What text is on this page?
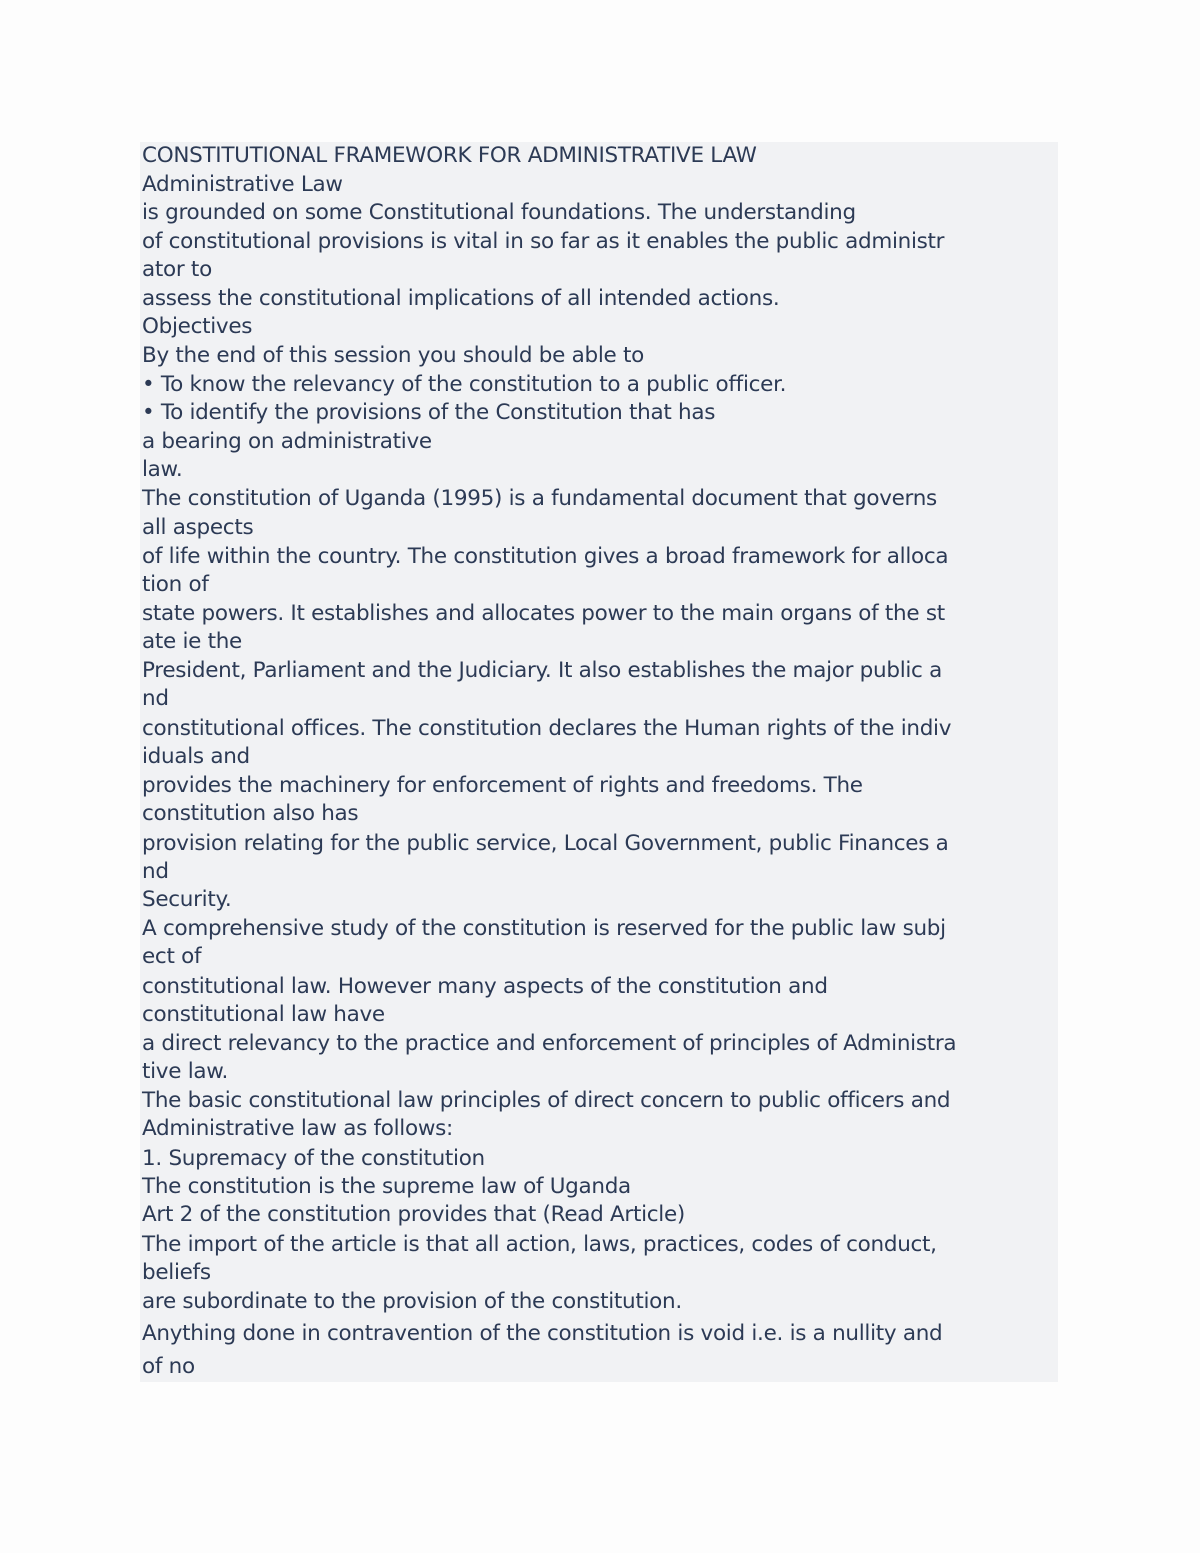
CONSTITUTIONAL FRAMEWORK FOR ADMINISTRATIVE LAW
Administrative Law
is grounded on some Constitutional foundations. The understanding
of constitutional provisions is vital in so far as it enables the public administr
ator to
assess the constitutional implications of all intended actions.
Objectives
By the end of this session you should be able to
• To know the relevancy of the constitution to a public officer.
• To identify the provisions of the Constitution that has
a bearing on administrative
law.
The constitution of Uganda (1995) is a fundamental document that governs
all aspects
of life within the country. The constitution gives a broad framework for alloca
tion of
state powers. It establishes and allocates power to the main organs of the st
ate ie the
President, Parliament and the Judiciary. It also establishes the major public a
nd
constitutional offices. The constitution declares the Human rights of the indiv
iduals and
provides the machinery for enforcement of rights and freedoms. The
constitution also has
provision relating for the public service, Local Government, public Finances a
nd
Security.
A comprehensive study of the constitution is reserved for the public law subj
ect of
constitutional law. However many aspects of the constitution and
constitutional law have
a direct relevancy to the practice and enforcement of principles of Administra
tive law.
The basic constitutional law principles of direct concern to public officers and
Administrative law as follows:
1. Supremacy of the constitution
The constitution is the supreme law of Uganda
Art 2 of the constitution provides that (Read Article)
The import of the article is that all action, laws, practices, codes of conduct,
beliefs
are subordinate to the provision of the constitution.
Anything done in contravention of the constitution is void i.e. is a nullity and
of no
